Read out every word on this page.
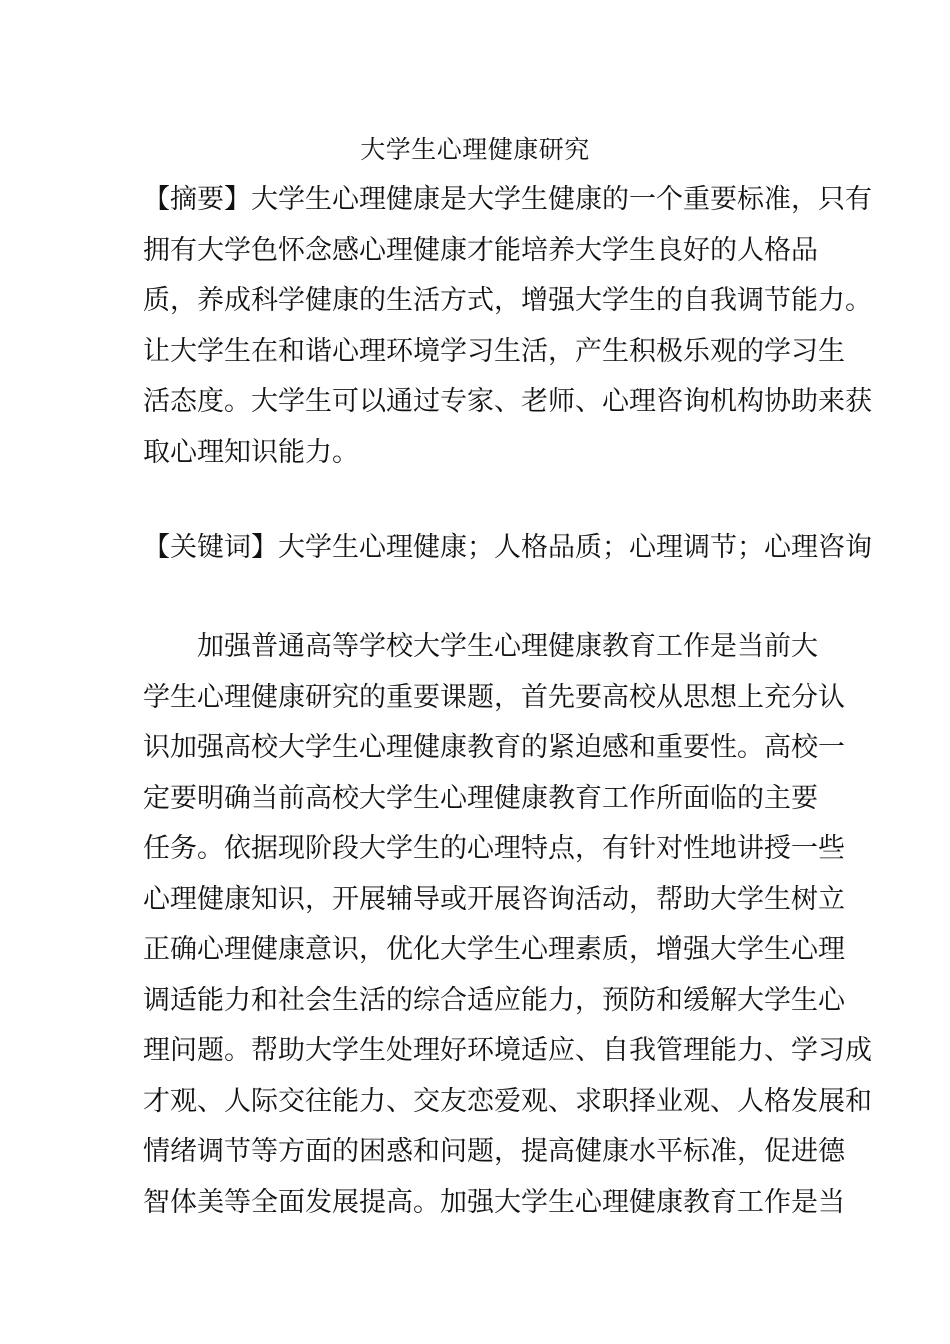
大学生心理健康研究
【摘要】大学生心理健康是大学生健康的一个重要标准，只有
拥有大学色怀念感心理健康才能培养大学生良好的人格品
质，养成科学健康的生活方式，增强大学生的自我调节能力。
让大学生在和谐心理环境学习生活，产生积极乐观的学习生
活态度。大学生可以通过专家、老师、心理咨询机构协助来获
取心理知识能力。
【关键词】大学生心理健康；人格品质；心理调节；心理咨询
加强普通高等学校大学生心理健康教育工作是当前大
学生心理健康研究的重要课题，首先要高校从思想上充分认
识加强高校大学生心理健康教育的紧迫感和重要性。高校一
定要明确当前高校大学生心理健康教育工作所面临的主要
任务。依据现阶段大学生的心理特点，有针对性地讲授一些
心理健康知识，开展辅导或开展咨询活动，帮助大学生树立
正确心理健康意识，优化大学生心理素质，增强大学生心理
调适能力和社会生活的综合适应能力，预防和缓解大学生心
理问题。帮助大学生处理好环境适应、自我管理能力、学习成
才观、人际交往能力、交友恋爱观、求职择业观、人格发展和
情绪调节等方面的困惑和问题，提高健康水平标准，促进德
智体美等全面发展提高。加强大学生心理健康教育工作是当
